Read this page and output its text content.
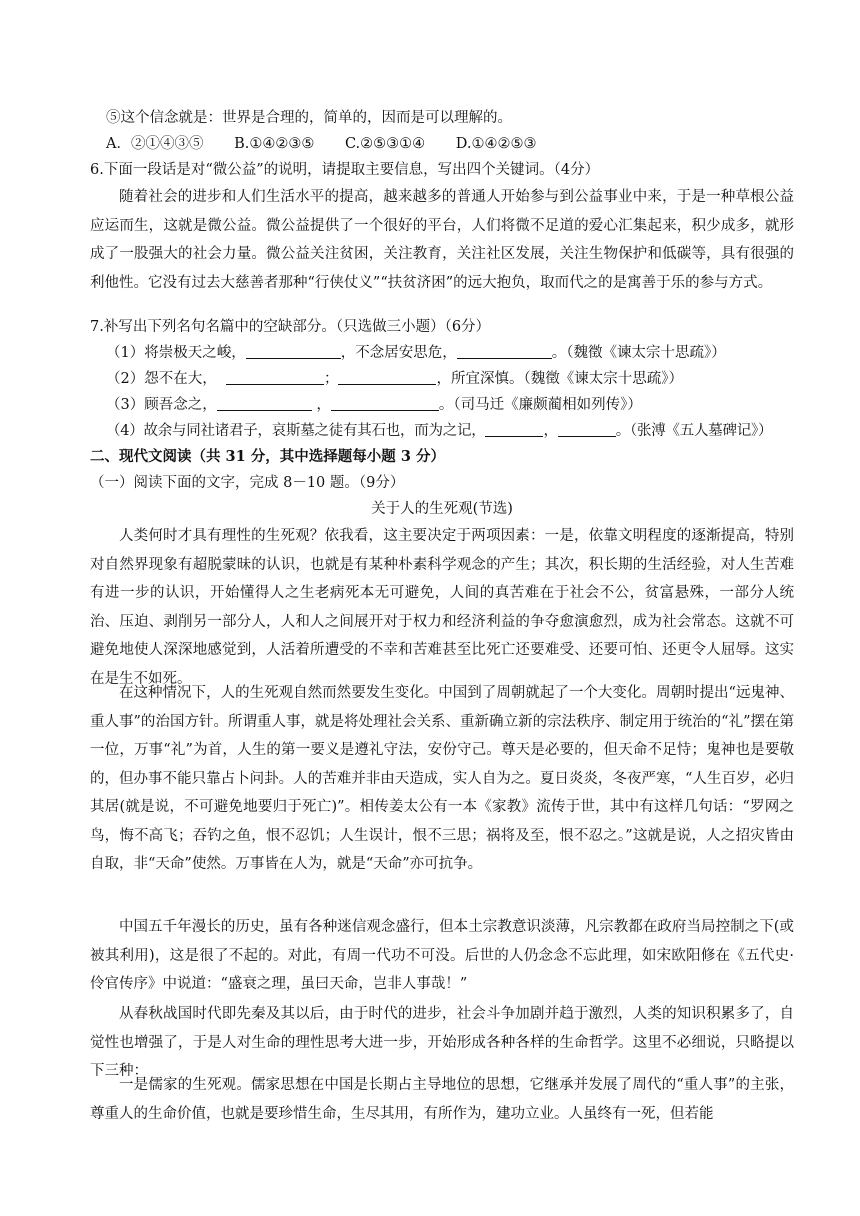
⑤这个信念就是：世界是合理的，简单的，因而是可以理解的。
A．②①④③⑤ B.①④②③⑤ C.②⑤③①④ D.①④②⑤③
6.下面一段话是对“微公益”的说明，请提取主要信息，写出四个关键词。（4分）
随着社会的进步和人们生活水平的提高，越来越多的普通人开始参与到公益事业中来，于是一种草根公益应运而生，这就是微公益。微公益提供了一个很好的平台，人们将微不足道的爱心汇集起来，积少成多，就形成了一股强大的社会力量。微公益关注贫困，关注教育，关注社区发展，关注生物保护和低碳等，具有很强的利他性。它没有过去大慈善者那种“行侠仗义”“扶贫济困”的远大抱负，取而代之的是寓善于乐的参与方式。
7.补写出下列名句名篇中的空缺部分。（只选做三小题）（6分）
（1）将崇极天之峻，	，不念居安思危，	。（魏徵《谏太宗十思疏》）
（2）怨不在大，	；	，所宜深慎。（魏徵《谏太宗十思疏》）
（3）顾吾念之，	，	。（司马迁《廉颇蔺相如列传》）
（4）故余与同社诸君子，哀斯墓之徒有其石也，而为之记，	，	。（张溥《五人墓碑记》）
二、现代文阅读（共 31 分，其中选择题每小题 3 分）
（一）阅读下面的文字，完成 8－10 题。（9分）
关于人的生死观(节选)
人类何时才具有理性的生死观？依我看，这主要决定于两项因素：一是，依靠文明程度的逐渐提高，特别对自然界现象有超脱蒙昧的认识，也就是有某种朴素科学观念的产生；其次，积长期的生活经验，对人生苦难有进一步的认识，开始懂得人之生老病死本无可避免，人间的真苦难在于社会不公，贫富悬殊，一部分人统治、压迫、剥削另一部分人，人和人之间展开对于权力和经济利益的争夺愈演愈烈，成为社会常态。这就不可避免地使人深深地感觉到，人活着所遭受的不幸和苦难甚至比死亡还要难受、还要可怕、还更令人屈辱。这实在是生不如死。
在这种情况下，人的生死观自然而然要发生变化。中国到了周朝就起了一个大变化。周朝时提出“远鬼神、重人事”的治国方针。所谓重人事，就是将处理社会关系、重新确立新的宗法秩序、制定用于统治的“礼”摆在第一位，万事“礼”为首，人生的第一要义是遵礼守法，安份守己。尊天是必要的，但天命不足恃；鬼神也是要敬的，但办事不能只靠占卜问卦。人的苦难并非由天造成，实人自为之。夏日炎炎，冬夜严寒，“人生百岁，必归其居(就是说，不可避免地要归于死亡)”。相传姜太公有一本《家教》流传于世，其中有这样几句话：“罗网之鸟，悔不高飞；吞钓之鱼，恨不忍饥；人生误计，恨不三思；祸将及至，恨不忍之。”这就是说，人之招灾皆由自取，非“天命”使然。万事皆在人为，就是“天命”亦可抗争。
中国五千年漫长的历史，虽有各种迷信观念盛行，但本土宗教意识淡薄，凡宗教都在政府当局控制之下(或被其利用)，这是很了不起的。对此，有周一代功不可没。后世的人仍念念不忘此理，如宋欧阳修在《五代史·伶官传序》中说道：“盛衰之理，虽曰天命，岂非人事哉！”
从春秋战国时代即先秦及其以后，由于时代的进步，社会斗争加剧并趋于激烈，人类的知识积累多了，自觉性也增强了，于是人对生命的理性思考大进一步，开始形成各种各样的生命哲学。这里不必细说，只略提以下三种：
一是儒家的生死观。儒家思想在中国是长期占主导地位的思想，它继承并发展了周代的“重人事”的主张，尊重人的生命价值，也就是要珍惜生命，生尽其用，有所作为，建功立业。人虽终有一死，但若能
